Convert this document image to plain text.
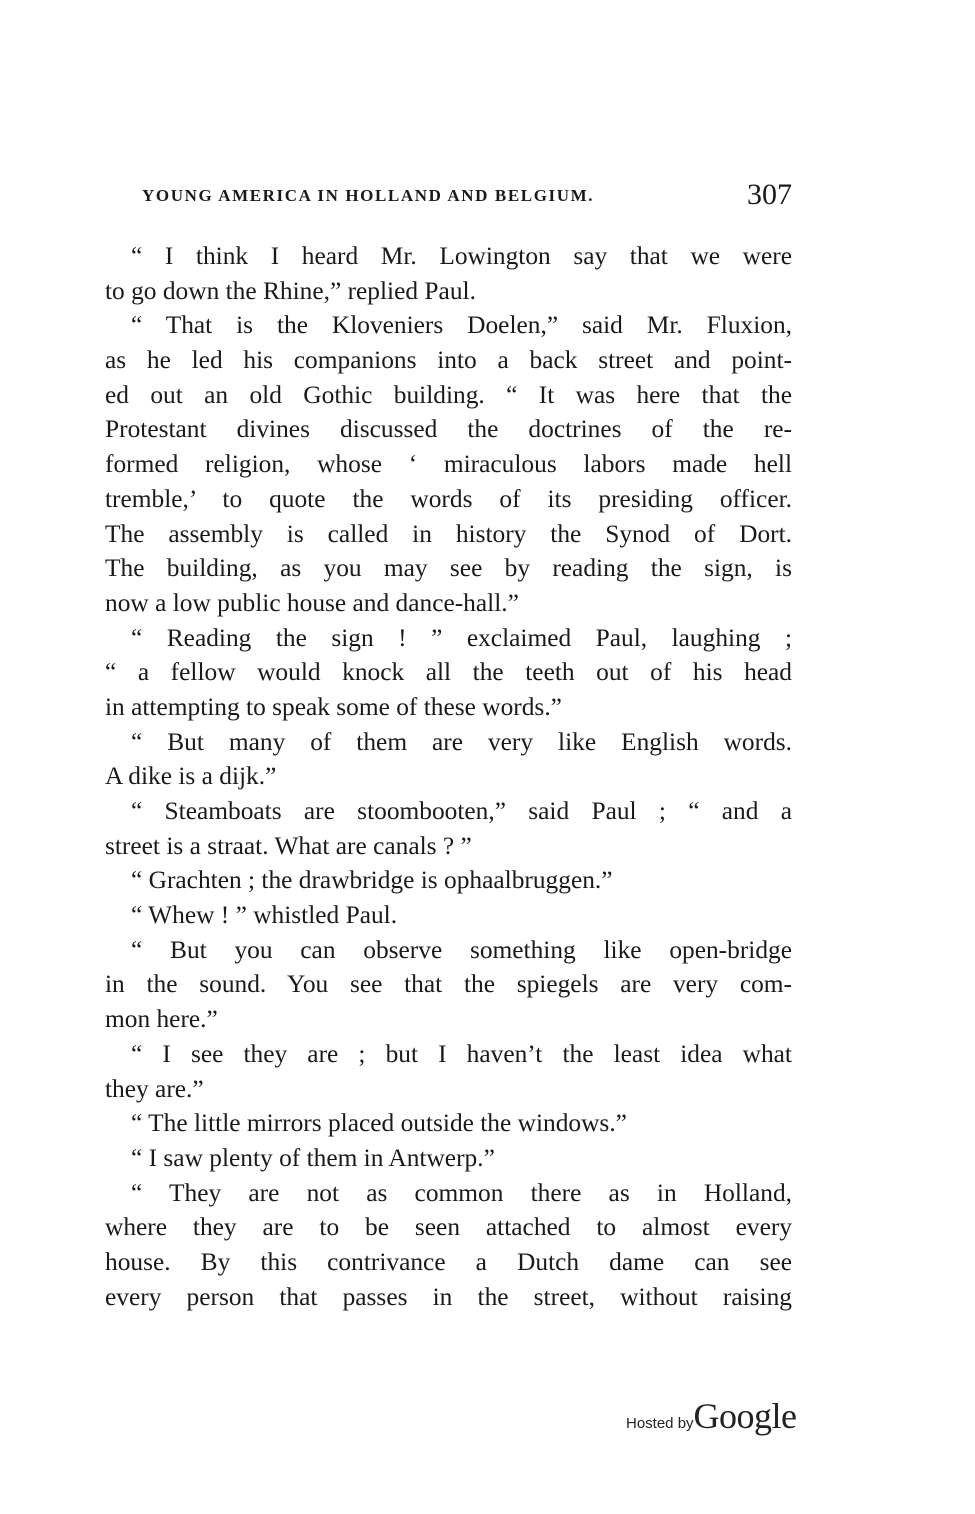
YOUNG AMERICA IN HOLLAND AND BELGIUM.	307
“ I think I heard Mr. Lowington say that we were
to go down the Rhine,” replied Paul.
“ That is the Kloveniers Doelen,” said Mr. Fluxion,
as he led his companions into a back street and point-
ed out an old Gothic building. “ It was here that the
Protestant divines discussed the doctrines of the re-
formed religion, whose ‘ miraculous labors made hell
tremble,’ to quote the words of its presiding officer.
The assembly is called in history the Synod of Dort.
The building, as you may see by reading the sign, is
now a low public house and dance-hall.”
“ Reading the sign ! ” exclaimed Paul, laughing ;
“ a fellow would knock all the teeth out of his head
in attempting to speak some of these words.”
“ But many of them are very like English words.
A dike is a dijk.”
“ Steamboats are stoombooten,” said Paul ; “ and a
street is a straat. What are canals ? ”
“ Grachten ; the drawbridge is ophaalbruggen.”
“ Whew ! ” whistled Paul.
“ But you can observe something like open-bridge
in the sound. You see that the spiegels are very com-
mon here.”
“ I see they are ; but I haven’t the least idea what
they are.”
“ The little mirrors placed outside the windows.”
“ I saw plenty of them in Antwerp.”
“ They are not as common there as in Holland,
where they are to be seen attached to almost every
house. By this contrivance a Dutch dame can see
every person that passes in the street, without raising
Hosted byGoogle
